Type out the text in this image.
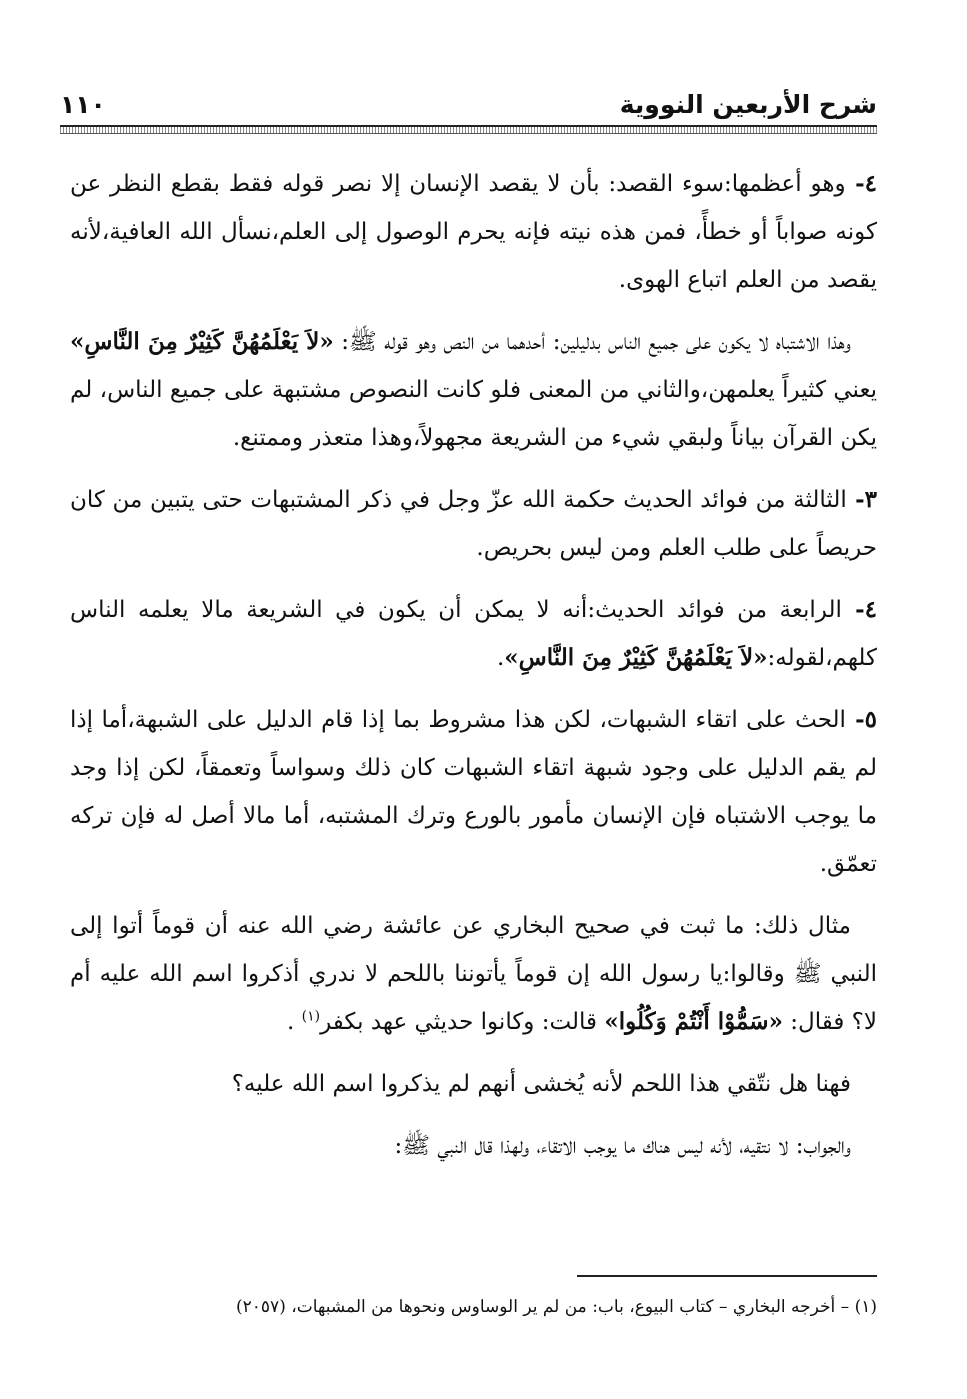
شرح الأربعين النووية
١١٠

٤- وهو أعظمها:سوء القصد: بأن لا يقصد الإنسان إلا نصر قوله فقط بقطع النظر عن كونه صواباً أو خطأً، فمن هذه نيته فإنه يحرم الوصول إلى العلم،نسأل الله العافية،لأنه يقصد من العلم اتباع الهوى.

وهذا الاشتباه لا يكون على جميع الناس بدليلين: أحدهما من النص وهو قوله ﷺ: «لاَ يَعْلَمُهُنَّ كَثِيْرٌ مِنَ النَّاسِ» يعني كثيراً يعلمهن،والثاني من المعنى فلو كانت النصوص مشتبهة على جميع الناس، لم يكن القرآن بياناً ولبقي شيء من الشريعة مجهولاً،وهذا متعذر وممتنع.

٣- الثالثة من فوائد الحديث حكمة الله عزّ وجل في ذكر المشتبهات حتى يتبين من كان حريصاً على طلب العلم ومن ليس بحريص.

٤- الرابعة من فوائد الحديث:أنه لا يمكن أن يكون في الشريعة مالا يعلمه الناس كلهم،لقوله:«لاَ يَعْلَمُهُنَّ كَثِيْرٌ مِنَ النَّاسِ».

٥- الحث على اتقاء الشبهات، لكن هذا مشروط بما إذا قام الدليل على الشبهة،أما إذا لم يقم الدليل على وجود شبهة اتقاء الشبهات كان ذلك وسواساً وتعمقاً، لكن إذا وجد ما يوجب الاشتباه فإن الإنسان مأمور بالورع وترك المشتبه، أما مالا أصل له فإن تركه تعمّق.

مثال ذلك: ما ثبت في صحيح البخاري عن عائشة رضي الله عنه أن قوماً أتوا إلى النبي ﷺ وقالوا:يا رسول الله إن قوماً يأتوننا باللحم لا ندري أذكروا اسم الله عليه أم لا؟ فقال: «سَمُّوْا أَنْتُمْ وَكُلُوا» قالت: وكانوا حديثي عهد بكفر$^{(١)}$ .

فهنا هل نتّقي هذا اللحم لأنه يُخشى أنهم لم يذكروا اسم الله عليه؟

والجواب: لا نتقيه، لأنه ليس هناك ما يوجب الاتقاء، ولهذا قال النبي ﷺ:

(١) – أخرجه البخاري – كتاب البيوع، باب: من لم ير الوساوس ونحوها من المشبهات، (٢٠٥٧)
